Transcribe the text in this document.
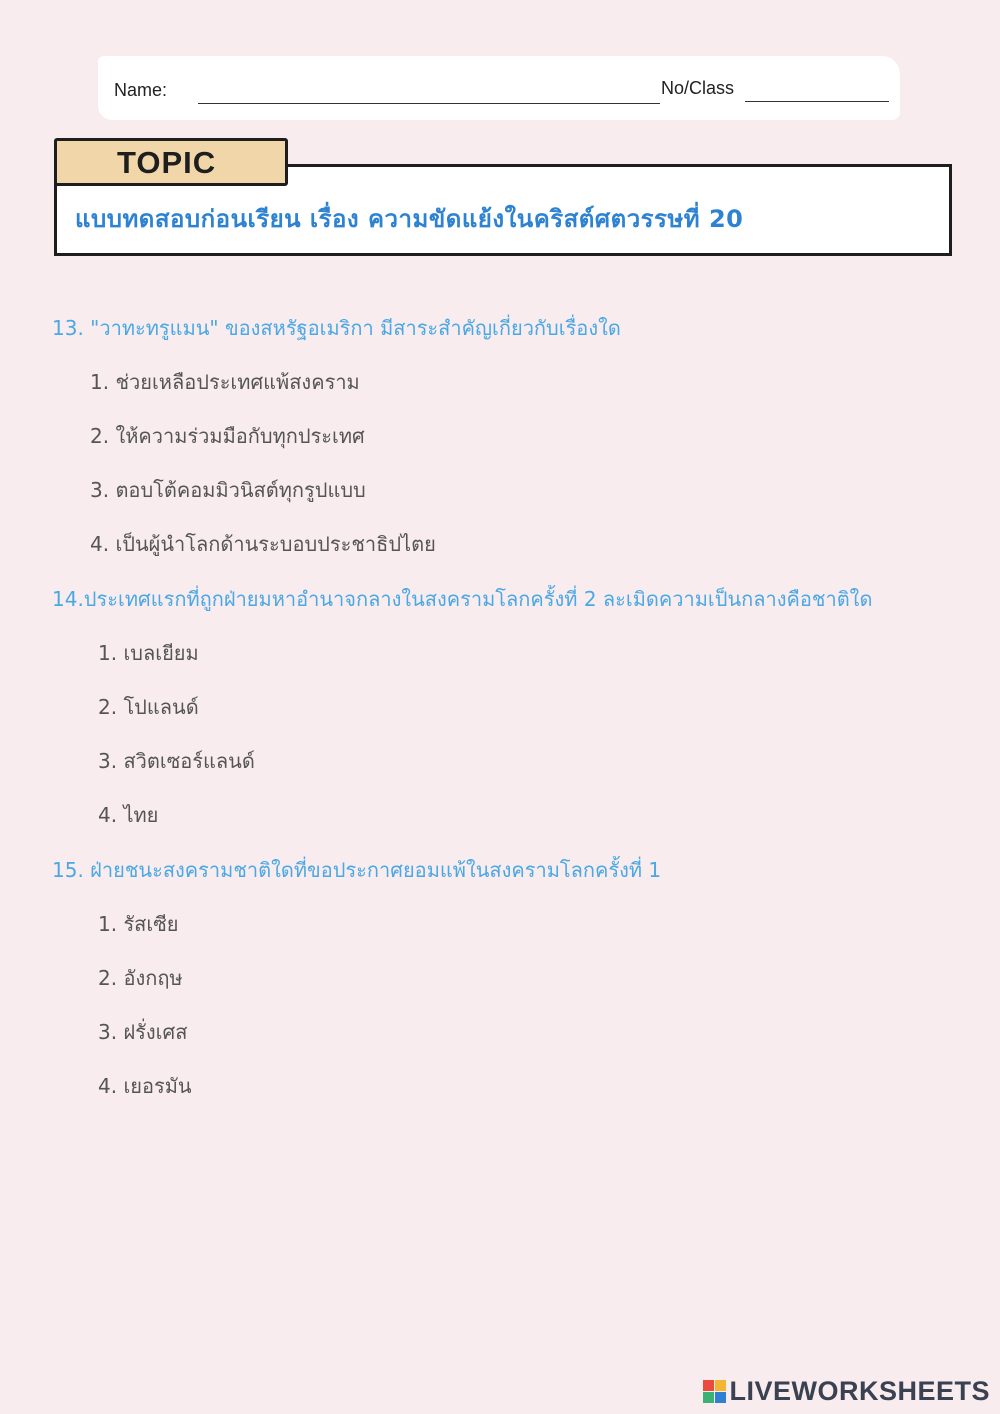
Name:	No/Class
แบบทดสอบก่อนเรียน เรื่อง ความขัดแย้งในคริสต์ศตวรรษที่ 20
TOPIC
13. "วาทะทรูแมน" ของสหรัฐอเมริกา มีสาระสำคัญเกี่ยวกับเรื่องใด
1. ช่วยเหลือประเทศแพ้สงคราม
2. ให้ความร่วมมือกับทุกประเทศ
3. ตอบโต้คอมมิวนิสต์ทุกรูปแบบ
4. เป็นผู้นำโลกด้านระบอบประชาธิปไตย
14.ประเทศแรกที่ถูกฝ่ายมหาอำนาจกลางในสงครามโลกครั้งที่ 2 ละเมิดความเป็นกลางคือชาติใด
1. เบลเยียม
2. โปแลนด์
3. สวิตเซอร์แลนด์
4. ไทย
15. ฝ่ายชนะสงครามชาติใดที่ขอประกาศยอมแพ้ในสงครามโลกครั้งที่ 1
1. รัสเซีย
2. อังกฤษ
3. ฝรั่งเศส
4. เยอรมัน
LIVEWORKSHEETS
